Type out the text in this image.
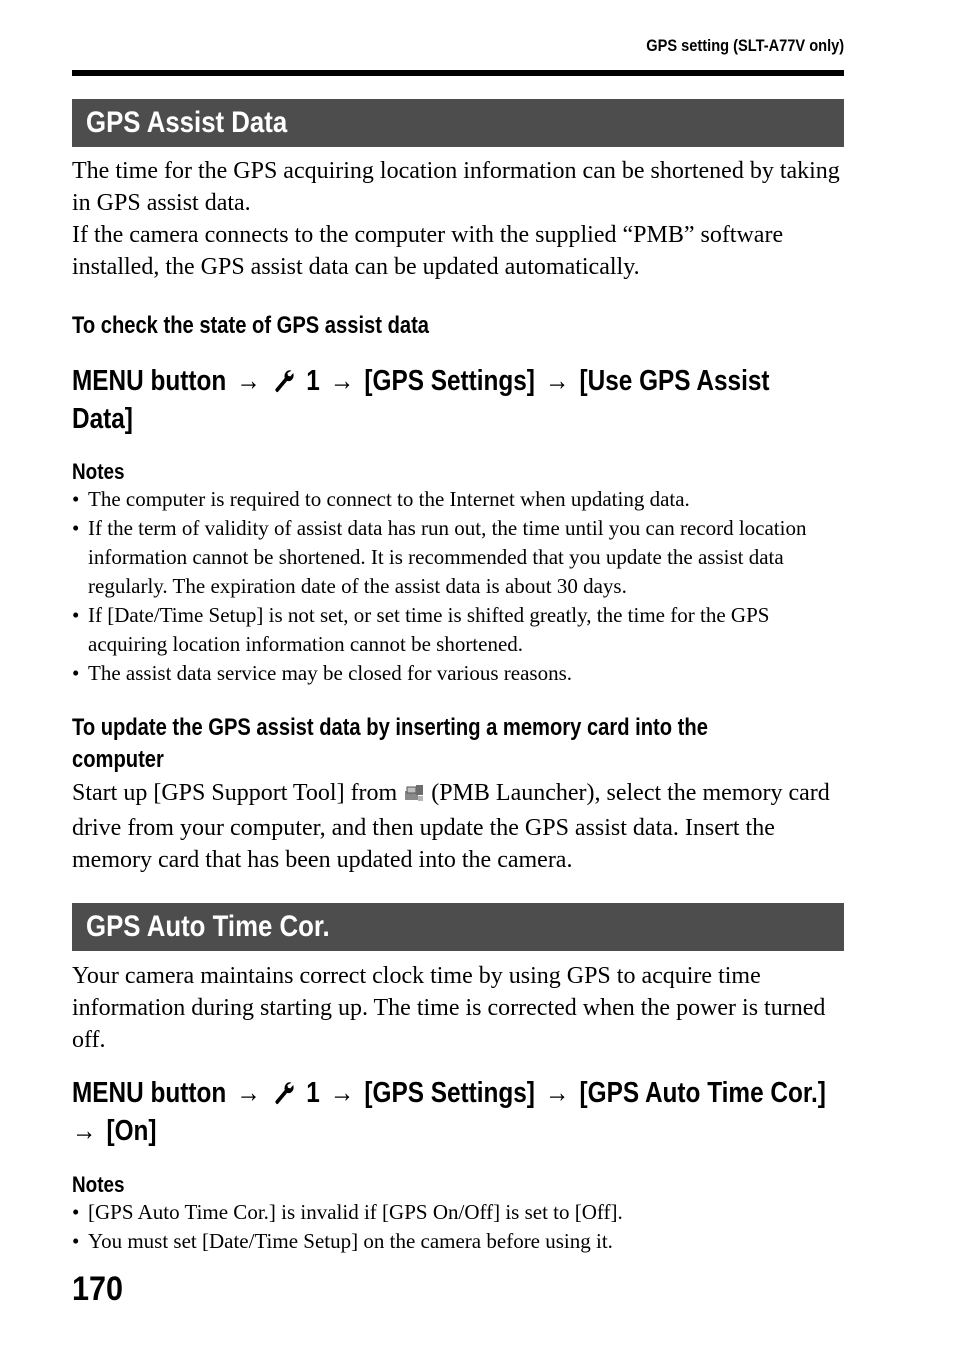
GPS setting (SLT-A77V only)
GPS Assist Data

The time for the GPS acquiring location information can be shortened by taking in GPS assist data.

If the camera connects to the computer with the supplied “PMB” software installed, the GPS assist data can be updated automatically.

To check the state of GPS assist data
MENU button → 1 → [GPS Settings] → [Use GPS Assist
Data]
Notes
• The computer is required to connect to the Internet when updating data.
• If the term of validity of assist data has run out, the time until you can record location information cannot be shortened. It is recommended that you update the assist data regularly. The expiration date of the assist data is about 30 days.
• If [Date/Time Setup] is not set, or set time is shifted greatly, the time for the GPS acquiring location information cannot be shortened.
• The assist data service may be closed for various reasons.
To update the GPS assist data by inserting a memory card into the
computer

Start up [GPS Support Tool] from (PMB Launcher), select the memory card drive from your computer, and then update the GPS assist data. Insert the memory card that has been updated into the camera.

GPS Auto Time Cor.

Your camera maintains correct clock time by using GPS to acquire time information during starting up. The time is corrected when the power is turned off.

MENU button → 1 → [GPS Settings] → [GPS Auto Time Cor.]
→ [On]
Notes
• [GPS Auto Time Cor.] is invalid if [GPS On/Off] is set to [Off].
• You must set [Date/Time Setup] on the camera before using it.
170
